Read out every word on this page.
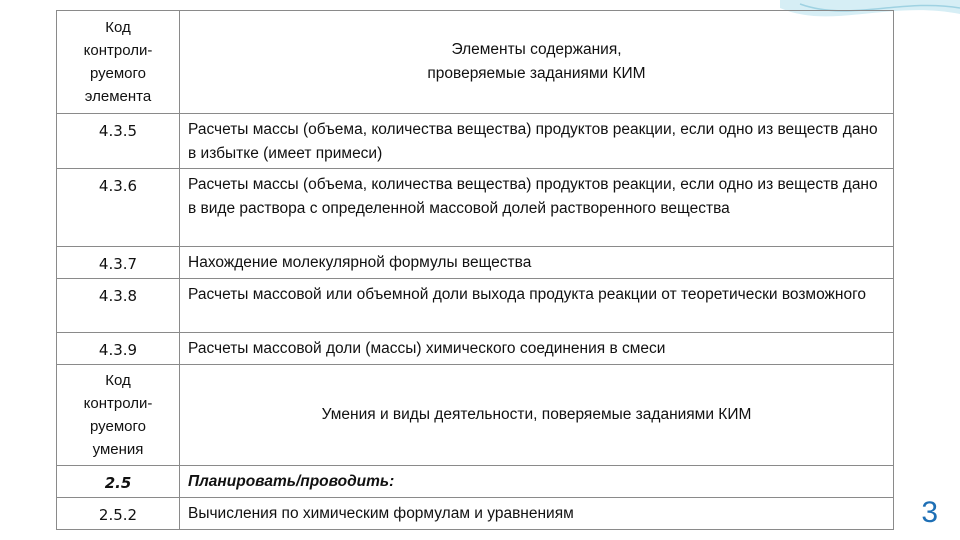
Код
контроли-
руемого
элемента	Элементы содержания,
проверяемые заданиями КИМ
4.3.5	Расчеты массы (объема, количества вещества) продуктов реакции, если одно из веществ дано в избытке (имеет примеси)
4.3.6	Расчеты массы (объема, количества вещества) продуктов реакции, если одно из веществ дано в виде раствора с определенной массовой долей растворенного вещества
4.3.7	Нахождение молекулярной формулы вещества
4.3.8	Расчеты массовой или объемной доли выхода продукта реакции от теоретически возможного
4.3.9	Расчеты массовой доли (массы) химического соединения в смеси
Код
контроли-
руемого
умения	Умения и виды деятельности, поверяемые заданиями КИМ
2.5	Планировать/проводить:
2.5.2	Вычисления по химическим формулам и уравнениям	3
